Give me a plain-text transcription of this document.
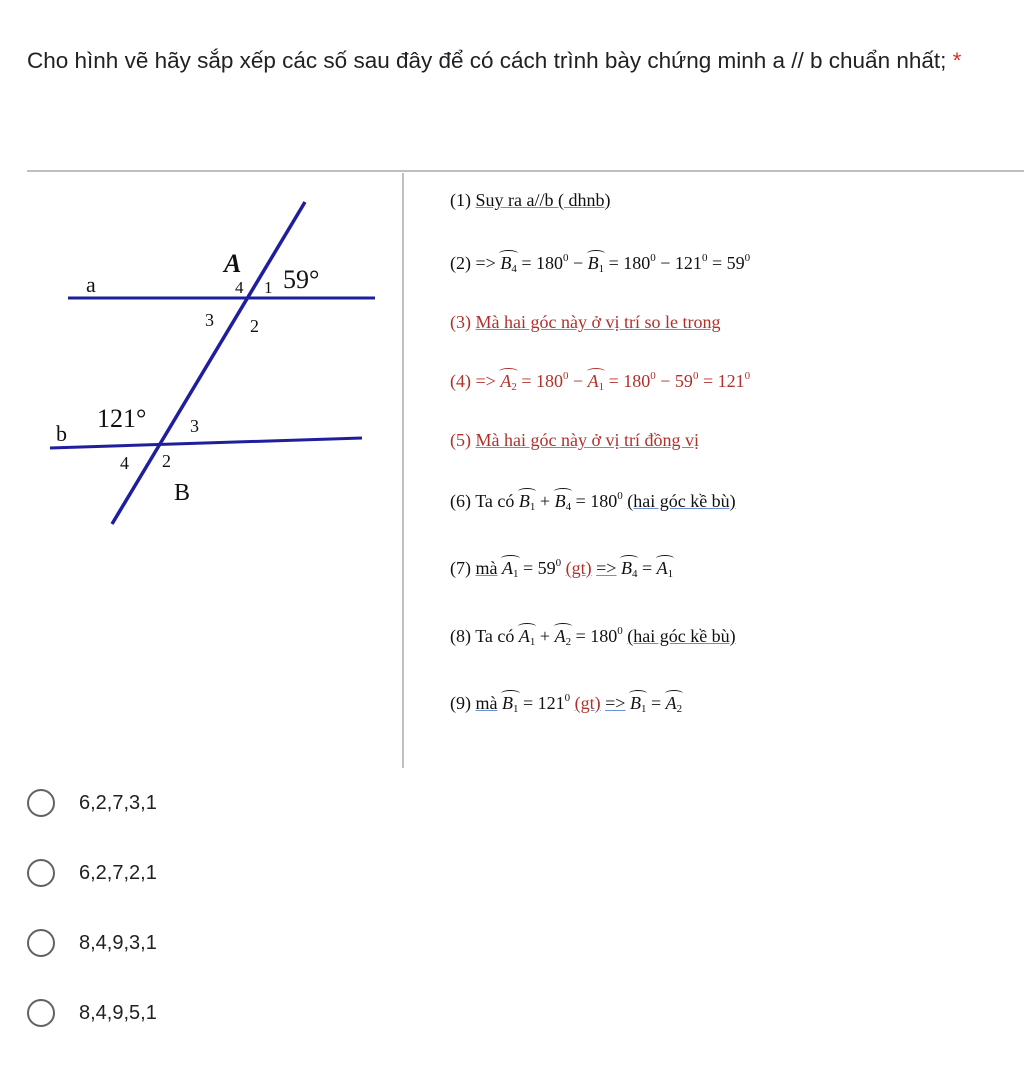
Cho hình vẽ hãy sắp xếp các số sau đây để có cách trình bày chứng minh a // b chuẩn nhất; *
a
b
A
B
59°
121°
1
4
3 2
3
4 2
(1) Suy ra a//b ( dhnb)
$(2) => B_4 = 180^0 - B_1 = 180^0 - 121^0 = 59^0$
(3) Mà hai góc này ở vị trí so le trong
$(4) => A_2 = 180^0 - A_1 = 180^0 - 59^0 = 121^0$
(5) Mà hai góc này ở vị trí đồng vị
(6) Ta có $B_1 + B_4 = 180^0$ (hai góc kề bù)
(7) mà $A_1 = 59^0$ $(gt) => B_4 = A_1$
(8) Ta có $A_1 + A_2 = 180^0$ (hai góc kề bù)
(9) mà $B_1 = 121^0$ $(gt) => B_1 = A_2$
6,2,7,3,1
6,2,7,2,1
8,4,9,3,1
8,4,9,5,1
